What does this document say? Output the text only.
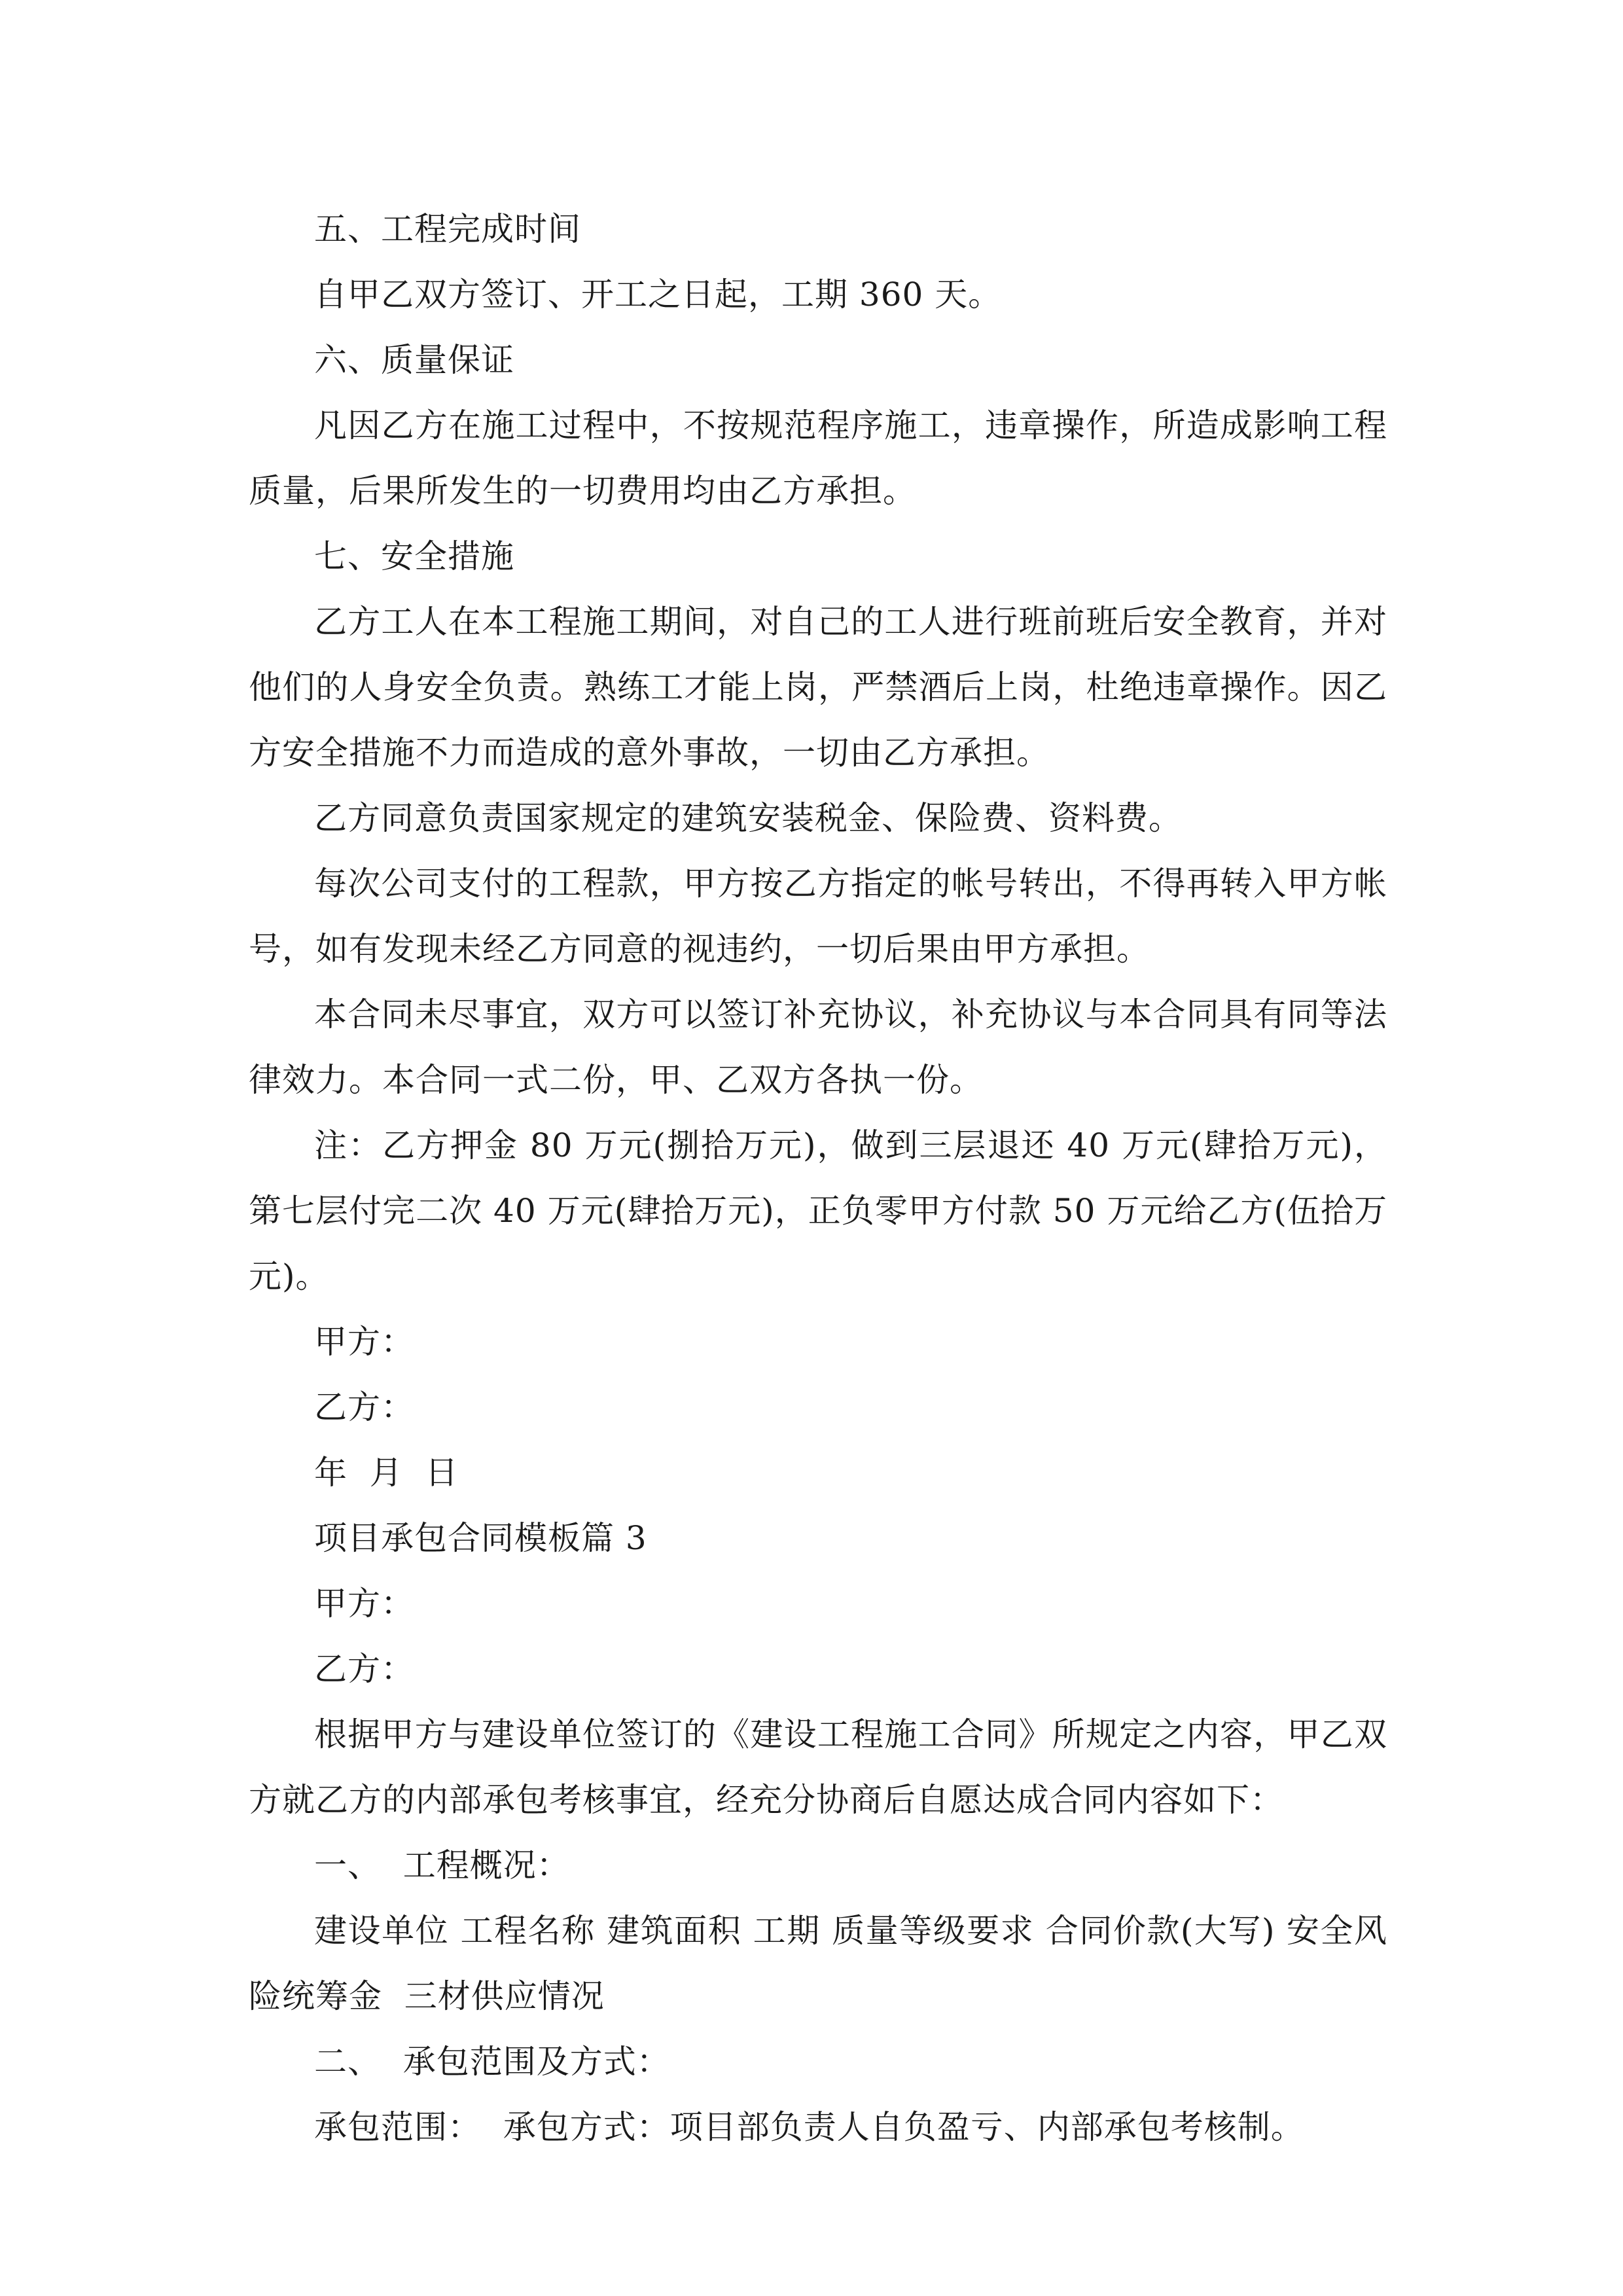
五、工程完成时间

自甲乙双方签订、开工之日起，工期 360 天。

六、质量保证

凡因乙方在施工过程中，不按规范程序施工，违章操作，所造成影响工程质量，后果所发生的一切费用均由乙方承担。

七、安全措施

乙方工人在本工程施工期间，对自己的工人进行班前班后安全教育，并对他们的人身安全负责。熟练工才能上岗，严禁酒后上岗，杜绝违章操作。因乙方安全措施不力而造成的意外事故，一切由乙方承担。

乙方同意负责国家规定的建筑安装税金、保险费、资料费。

每次公司支付的工程款，甲方按乙方指定的帐号转出，不得再转入甲方帐号，如有发现未经乙方同意的视违约，一切后果由甲方承担。

本合同未尽事宜，双方可以签订补充协议，补充协议与本合同具有同等法律效力。本合同一式二份，甲、乙双方各执一份。

注：乙方押金 80 万元(捌拾万元)，做到三层退还 40 万元(肆拾万元)，第七层付完二次 40 万元(肆拾万元)，正负零甲方付款 50 万元给乙方(伍拾万元)。

甲方：

乙方：

年  月  日

项目承包合同模板篇 3

甲方：

乙方：

根据甲方与建设单位签订的《建设工程施工合同》所规定之内容，甲乙双方就乙方的内部承包考核事宜，经充分协商后自愿达成合同内容如下：

一、  工程概况：

建设单位 工程名称 建筑面积 工期 质量等级要求 合同价款(大写) 安全风险统筹金  三材供应情况

二、  承包范围及方式：

承包范围：  承包方式：项目部负责人自负盈亏、内部承包考核制。
